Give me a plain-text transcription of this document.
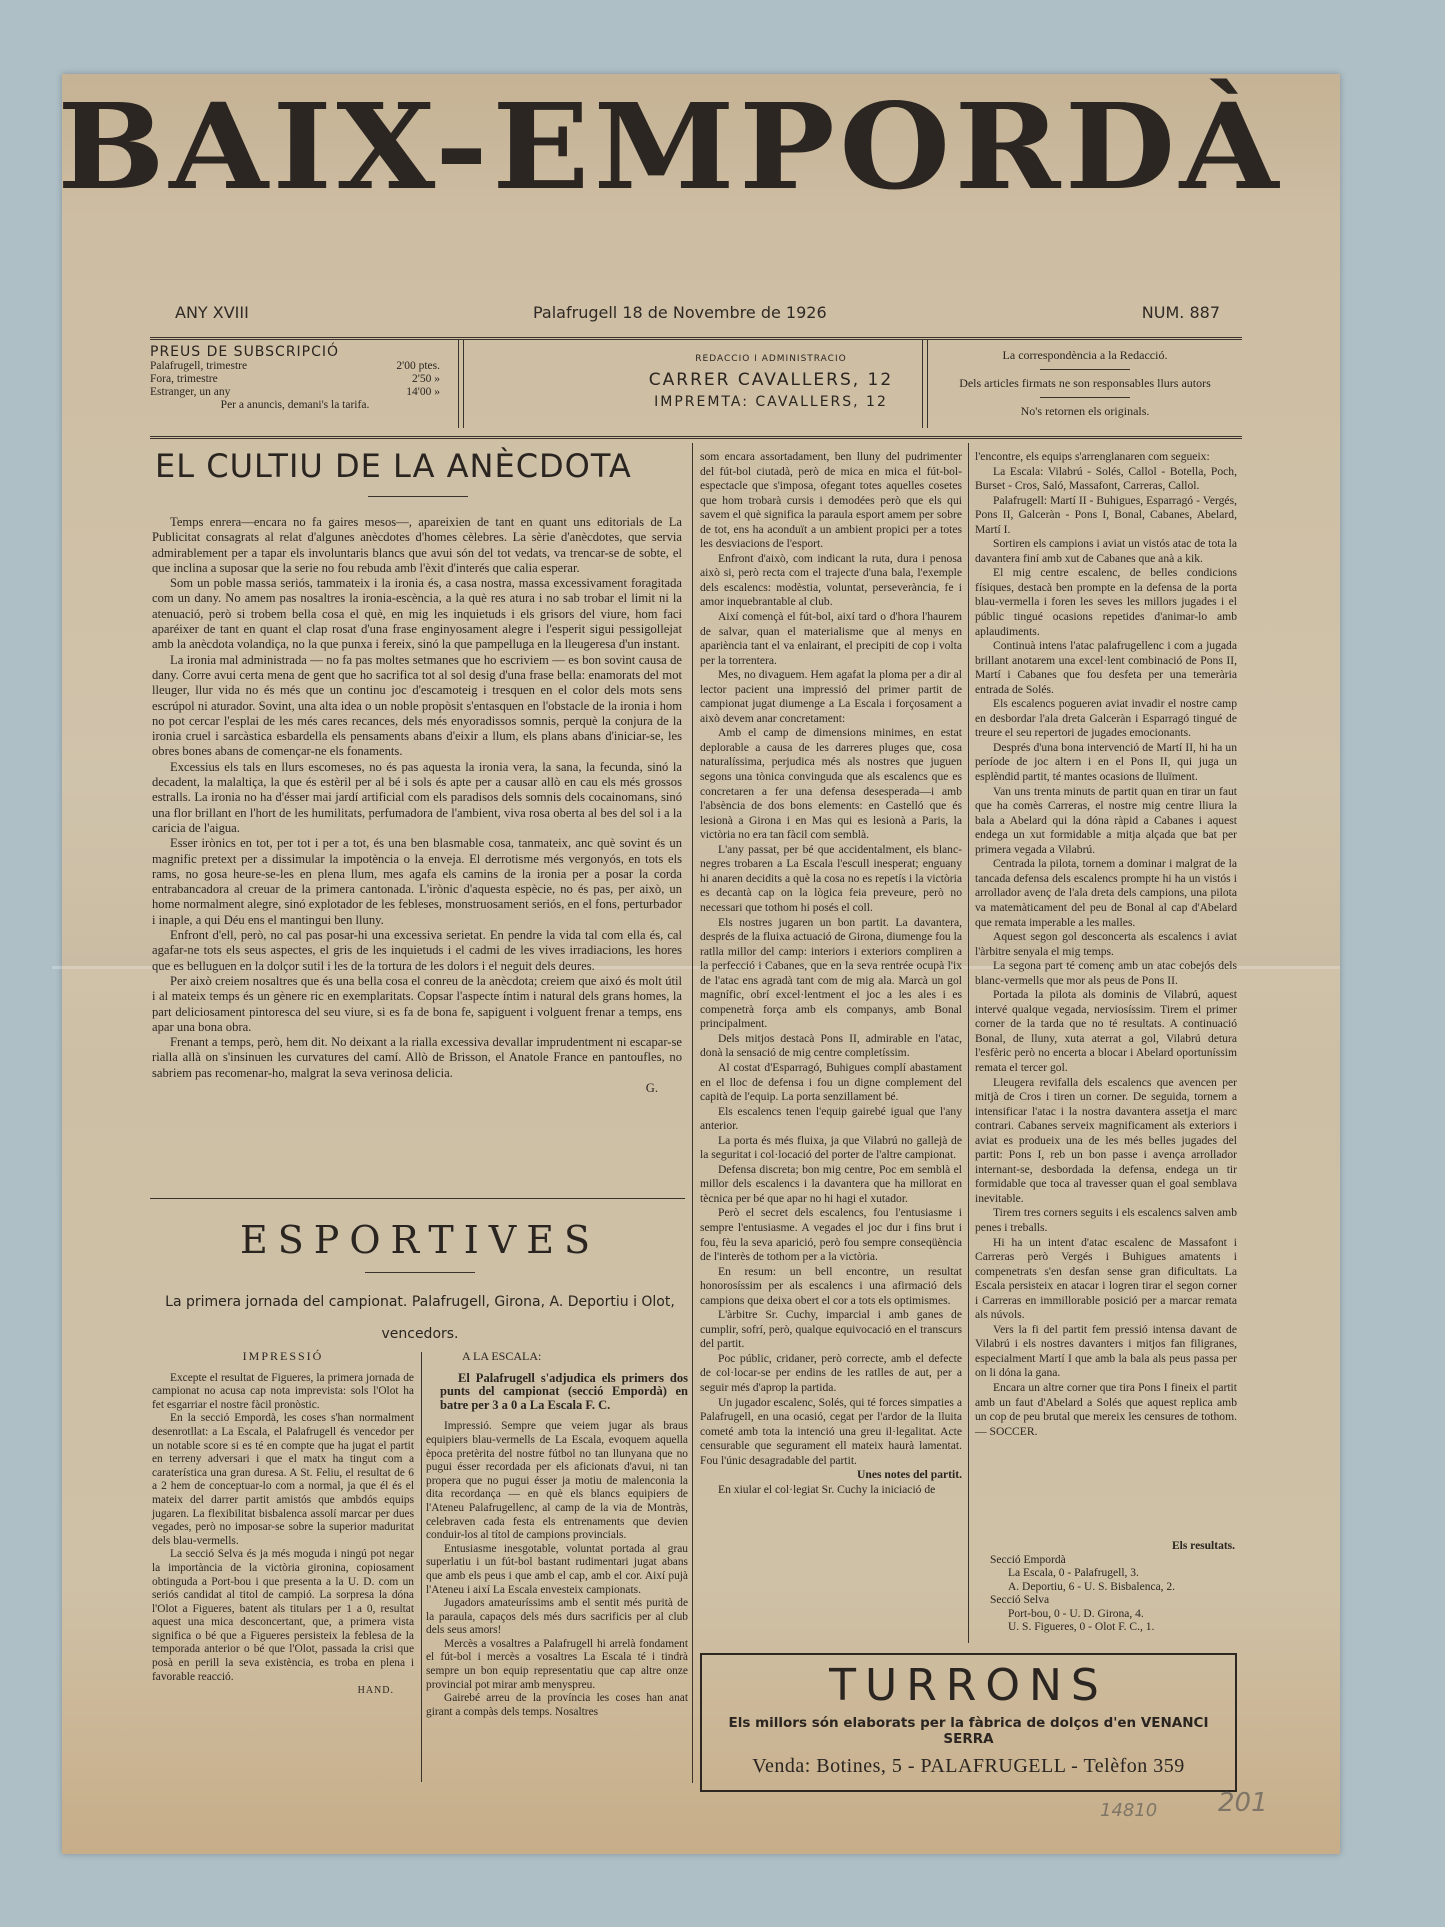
BAIX-EMPORDÀ
ANY XVIII	Palafrugell 18 de Novembre de 1926	NUM. 887
PREUS DE SUBSCRIPCIÓ
Palafrugell, trimestre	2'00 ptes.
Fora, trimestre	2'50 »
Estranger, un any	14'00 »
Per a anuncis, demani's la tarifa.
REDACCIO I ADMINISTRACIO
CARRER CAVALLERS, 12
IMPREMTA: CAVALLERS, 12
La correspondència a la Redacció.
Dels articles firmats ne son responsables llurs autors
No's retornen els originals.
EL CULTIU DE LA ANÈCDOTA

Temps enrera—encara no fa gaires mesos—, apareixien de tant en quant uns editorials de La Publicitat consagrats al relat d'algunes anècdotes d'homes cèlebres. La sèrie d'anècdotes, que servia admirablement per a tapar els involuntaris blancs que avui són del tot vedats, va trencar-se de sobte, el que inclina a suposar que la serie no fou rebuda amb l'èxit d'interés que calia esperar.

Som un poble massa seriós, tammateix i la ironia és, a casa nostra, massa excessivament foragitada com un dany. No amem pas nosaltres la ironia-escència, a la què res atura i no sab trobar el limit ni la atenuació, però si trobem bella cosa el què, en mig les inquietuds i els grisors del viure, hom faci aparéixer de tant en quant el clap rosat d'una frase enginyosament alegre i l'esperit sigui pessigollejat amb la anècdota volandiça, no la que punxa i fereix, sinó la que pampelluga en la lleugeresa d'un instant.

La ironia mal administrada — no fa pas moltes setmanes que ho escriviem — es bon sovint causa de dany. Corre avui certa mena de gent que ho sacrifica tot al sol desig d'una frase bella: enamorats del mot lleuger, llur vida no és més que un continu joc d'escamoteig i tresquen en el color dels mots sens escrúpol ni aturador. Sovint, una alta idea o un noble propòsit s'entasquen en l'obstacle de la ironia i hom no pot cercar l'esplai de les més cares recances, dels més enyoradissos somnis, perquè la conjura de la ironia cruel i sarcàstica esbardella els pensaments abans d'eixir a llum, els plans abans d'iniciar-se, les obres bones abans de començar-ne els fonaments.

Excessius els tals en llurs escomeses, no és pas aquesta la ironia vera, la sana, la fecunda, sinó la decadent, la malaltiça, la que és estèril per al bé i sols és apte per a causar allò en cau els més grossos estralls. La ironia no ha d'ésser mai jardí artificial com els paradisos dels somnis dels cocainomans, sinó una flor brillant en l'hort de les humilitats, perfumadora de l'ambient, viva rosa oberta al bes del sol i a la caricia de l'aigua.

Esser irònics en tot, per tot i per a tot, és una ben blasmable cosa, tanmateix, anc què sovint és un magnific pretext per a dissimular la impotència o la enveja. El derrotisme més vergonyós, en tots els rams, no gosa heure-se-les en plena llum, mes agafa els camins de la ironia per a posar la corda entrabancadora al creuar de la primera cantonada. L'irònic d'aquesta espècie, no és pas, per això, un home normalment alegre, sinó explotador de les febleses, monstruosament seriós, en el fons, perturbador i inaple, a qui Déu ens el mantingui ben lluny.

Enfront d'ell, però, no cal pas posar-hi una excessiva serietat. En pendre la vida tal com ella és, cal agafar-ne tots els seus aspectes, el gris de les inquietuds i el cadmi de les vives irradiacions, les hores que es belluguen en la dolçor sutil i les de la tortura de les dolors i el neguit dels deures.

Per això creiem nosaltres que és una bella cosa el conreu de la anècdota; creiem que aixó és molt útil i al mateix temps és un gènere ric en exemplaritats. Copsar l'aspecte íntim i natural dels grans homes, la part deliciosament pintoresca del seu viure, si es fa de bona fe, sapiguent i volguent frenar a temps, ens apar una bona obra.

Frenant a temps, però, hem dit. No deixant a la rialla excessiva devallar imprudentment ni escapar-se rialla allà on s'insinuen les curvatures del camí. Allò de Brisson, el Anatole France en pantoufles, no sabriem pas recomenar-ho, malgrat la seva verinosa delicia.

G.

ESPORTIVES
La primera jornada del campionat. Palafrugell, Girona, A. Deportiu i Olot, vencedors.
IMPRESSIÓ

Excepte el resultat de Figueres, la primera jornada de campionat no acusa cap nota imprevista: sols l'Olot ha fet esgarriar el nostre fàcil pronòstic.

En la secció Empordà, les coses s'han normalment desenrotllat: a La Escala, el Palafrugell és vencedor per un notable score si es té en compte que ha jugat el partit en terreny adversari i que el matx ha tingut com a caraterística una gran duresa. A St. Feliu, el resultat de 6 a 2 hem de conceptuar-lo com a normal, ja que él és el mateix del darrer partit amistós que ambdós equips jugaren. La flexibilitat bisbalenca assolí marcar per dues vegades, però no imposar-se sobre la superior maduritat dels blau-vermells.

La secció Selva és ja més moguda i ningú pot negar la importància de la victòria gironina, copiosament obtinguda a Port-bou i que presenta a la U. D. com un seriós candidat al titol de campió. La sorpresa la dóna l'Olot a Figueres, batent als titulars per 1 a 0, resultat aquest una mica desconcertant, que, a primera vista significa o bé que a Figueres persisteix la feblesa de la temporada anterior o bé que l'Olot, passada la crisi que posà en perill la seva existència, es troba en plena i favorable reacció.

HAND.

A LA ESCALA:

El Palafrugell s'adjudica els primers dos punts del campionat (secció Empordà) en batre per 3 a 0 a La Escala F. C.

Impressió. Sempre que veiem jugar als braus equipiers blau-vermells de La Escala, evoquem aquella època pretèrita del nostre fútbol no tan llunyana que no pugui ésser recordada per els aficionats d'avui, ni tan propera que no pugui ésser ja motiu de malenconia la dita recordança — en què els blancs equipiers de l'Ateneu Palafrugellenc, al camp de la via de Montràs, celebraven cada festa els entrenaments que devien conduir-los al títol de campions provincials.

Entusiasme inesgotable, voluntat portada al grau superlatiu i un fút-bol bastant rudimentari jugat abans que amb els peus i que amb el cap, amb el cor. Així pujà l'Ateneu i així La Escala envesteix campionats.

Jugadors amateuríssims amb el sentit més purità de la paraula, capaços dels més durs sacrificis per al club dels seus amors!

Mercès a vosaltres a Palafrugell hi arrelà fondament el fút-bol i mercès a vosaltres La Escala té i tindrà sempre un bon equip representatiu que cap altre onze provincial pot mirar amb menyspreu.

Gairebé arreu de la província les coses han anat girant a compàs dels temps. Nosaltres

som encara assortadament, ben lluny del pudrimenter del fút-bol ciutadà, però de mica en mica el fút-bol-espectacle que s'imposa, ofegant totes aquelles cosetes que hom trobarà cursis i demodées però que els qui savem el què significa la paraula esport amem per sobre de tot, ens ha aconduït a un ambient propici per a totes les desviacions de l'esport.

Enfront d'això, com indicant la ruta, dura i penosa això si, però recta com el trajecte d'una bala, l'exemple dels escalencs: modèstia, voluntat, perseverància, fe i amor inquebrantable al club.

Així començà el fút-bol, així tard o d'hora l'haurem de salvar, quan el materialisme que al menys en apariència tant el va enlairant, el precipiti de cop i volta per la torrentera.

Mes, no divaguem. Hem agafat la ploma per a dir al lector pacient una impressió del primer partit de campionat jugat diumenge a La Escala i forçosament a això devem anar concretament:

Amb el camp de dimensions minimes, en estat deplorable a causa de les darreres pluges que, cosa naturalíssima, perjudica més als nostres que juguen segons una tònica convinguda que als escalencs que es concretaren a fer una defensa desesperada—i amb l'absència de dos bons elements: en Castelló que és lesionà a Girona i en Mas qui es lesionà a Paris, la victòria no era tan fàcil com semblà.

L'any passat, per bé que accidentalment, els blanc-negres trobaren a La Escala l'escull inesperat; enguany hi anaren decidits a què la cosa no es repetís i la victòria es decantà cap on la lògica feia preveure, però no necessari que tothom hi posés el coll.

Els nostres jugaren un bon partit. La davantera, després de la fluixa actuació de Girona, diumenge fou la ratlla millor del camp: interiors i exteriors compliren a la perfecció i Cabanes, que en la seva rentrée ocupà l'ix de l'atac ens agradà tant com de mig ala. Marcà un gol magnífic, obrí excel·lentment el joc a les ales i es compenetrà força amb els companys, amb Bonal principalment.

Dels mitjos destacà Pons II, admirable en l'atac, donà la sensació de mig centre completíssim.

Al costat d'Esparragó, Buhigues complí abastament en el lloc de defensa i fou un digne complement del capità de l'equip. La porta senzillament bé.

Els escalencs tenen l'equip gairebé igual que l'any anterior.

La porta és més fluixa, ja que Vilabrú no gallejà de la seguritat i col·locació del porter de l'altre campionat.

Defensa discreta; bon mig centre, Poc em semblà el millor dels escalencs i la davantera que ha millorat en tècnica per bé que apar no hi hagi el xutador.

Però el secret dels escalencs, fou l'entusiasme i sempre l'entusiasme. A vegades el joc dur i fins brut i fou, fèu la seva aparició, però fou sempre conseqüència de l'interès de tothom per a la victòria.

En resum: un bell encontre, un resultat honorosíssim per als escalencs i una afirmació dels campions que deixa obert el cor a tots els optimismes.

L'àrbitre Sr. Cuchy, imparcial i amb ganes de cumplir, sofrí, però, qualque equivocació en el transcurs del partit.

Poc públic, cridaner, però correcte, amb el defecte de col·locar-se per endins de les ratlles de aut, per a seguir més d'aprop la partida.

Un jugador escalenc, Solés, qui té forces simpaties a Palafrugell, en una ocasió, cegat per l'ardor de la lluita cometé amb tota la intenció una greu il·legalitat. Acte censurable que segurament ell mateix haurà lamentat. Fou l'únic desagradable del partit.

Unes notes del partit.

En xiular el col·legiat Sr. Cuchy la iniciació de

l'encontre, els equips s'arrenglanaren com segueix:

La Escala: Vilabrú - Solés, Callol - Botella, Poch, Burset - Cros, Saló, Massafont, Carreras, Callol.

Palafrugell: Martí II - Buhigues, Esparragó - Vergés, Pons II, Galceràn - Pons I, Bonal, Cabanes, Abelard, Martí I.

Sortiren els campions i aviat un vistós atac de tota la davantera finí amb xut de Cabanes que anà a kik.

El mig centre escalenc, de belles condicions físiques, destacà ben prompte en la defensa de la porta blau-vermella i foren les seves les millors jugades i el públic tingué ocasions repetides d'animar-lo amb aplaudiments.

Continuà intens l'atac palafrugellenc i com a jugada brillant anotarem una excel·lent combinació de Pons II, Martí i Cabanes que fou desfeta per una temerària entrada de Solés.

Els escalencs pogueren aviat invadir el nostre camp en desbordar l'ala dreta Galceràn i Esparragó tingué de treure el seu repertori de jugades emocionants.

Després d'una bona intervenció de Martí II, hi ha un període de joc altern i en el Pons II, qui juga un esplèndid partit, té mantes ocasions de lluïment.

Van uns trenta minuts de partit quan en tirar un faut que ha comès Carreras, el nostre mig centre lliura la bala a Abelard qui la dóna ràpid a Cabanes i aquest endega un xut formidable a mitja alçada que bat per primera vegada a Vilabrú.

Centrada la pilota, tornem a dominar i malgrat de la tancada defensa dels escalencs prompte hi ha un vistós i arrollador avenç de l'ala dreta dels campions, una pilota va matemàticament del peu de Bonal al cap d'Abelard que remata imperable a les malles.

Aquest segon gol desconcerta als escalencs i aviat l'àrbitre senyala el mig temps.

La segona part té començ amb un atac cobejós dels blanc-vermells que mor als peus de Pons II.

Portada la pilota als dominis de Vilabrú, aquest intervé qualque vegada, nerviosíssim. Tirem el primer corner de la tarda que no té resultats. A continuació Bonal, de lluny, xuta aterrat a gol, Vilabrú detura l'esfèric però no encerta a blocar i Abelard oportuníssim remata el tercer gol.

Lleugera revifalla dels escalencs que avencen per mitjà de Cros i tiren un corner. De seguida, tornem a intensificar l'atac i la nostra davantera assetja el marc contrari. Cabanes serveix magnificament als exteriors i aviat es produeix una de les més belles jugades del partit: Pons I, reb un bon passe i avença arrollador internant-se, desbordada la defensa, endega un tir formidable que toca al travesser quan el goal semblava inevitable.

Tirem tres corners seguits i els escalencs salven amb penes i treballs.

Hi ha un intent d'atac escalenc de Massafont i Carreras però Vergés i Buhigues amatents i compenetrats s'en desfan sense gran dificultats. La Escala persisteix en atacar i logren tirar el segon corner i Carreras en immillorable posició per a marcar remata als núvols.

Vers la fi del partit fem pressió intensa davant de Vilabrú i els nostres davanters i mitjos fan filigranes, especialment Martí I que amb la bala als peus passa per on li dóna la gana.

Encara un altre corner que tira Pons I fineix el partit amb un faut d'Abelard a Solés que aquest replica amb un cop de peu brutal que mereix les censures de tothom. — SOCCER.

Els resultats.
Secció Empordà
La Escala, 0 - Palafrugell, 3.
A. Deportiu, 6 - U. S. Bisbalenca, 2.
Secció Selva
Port-bou, 0 - U. D. Girona, 4.
U. S. Figueres, 0 - Olot F. C., 1.
TURRONS
Els millors són elaborats per la fàbrica de dolços d'en VENANCI SERRA
Venda: Botines, 5 - PALAFRUGELL - Telèfon 359
14810 201
